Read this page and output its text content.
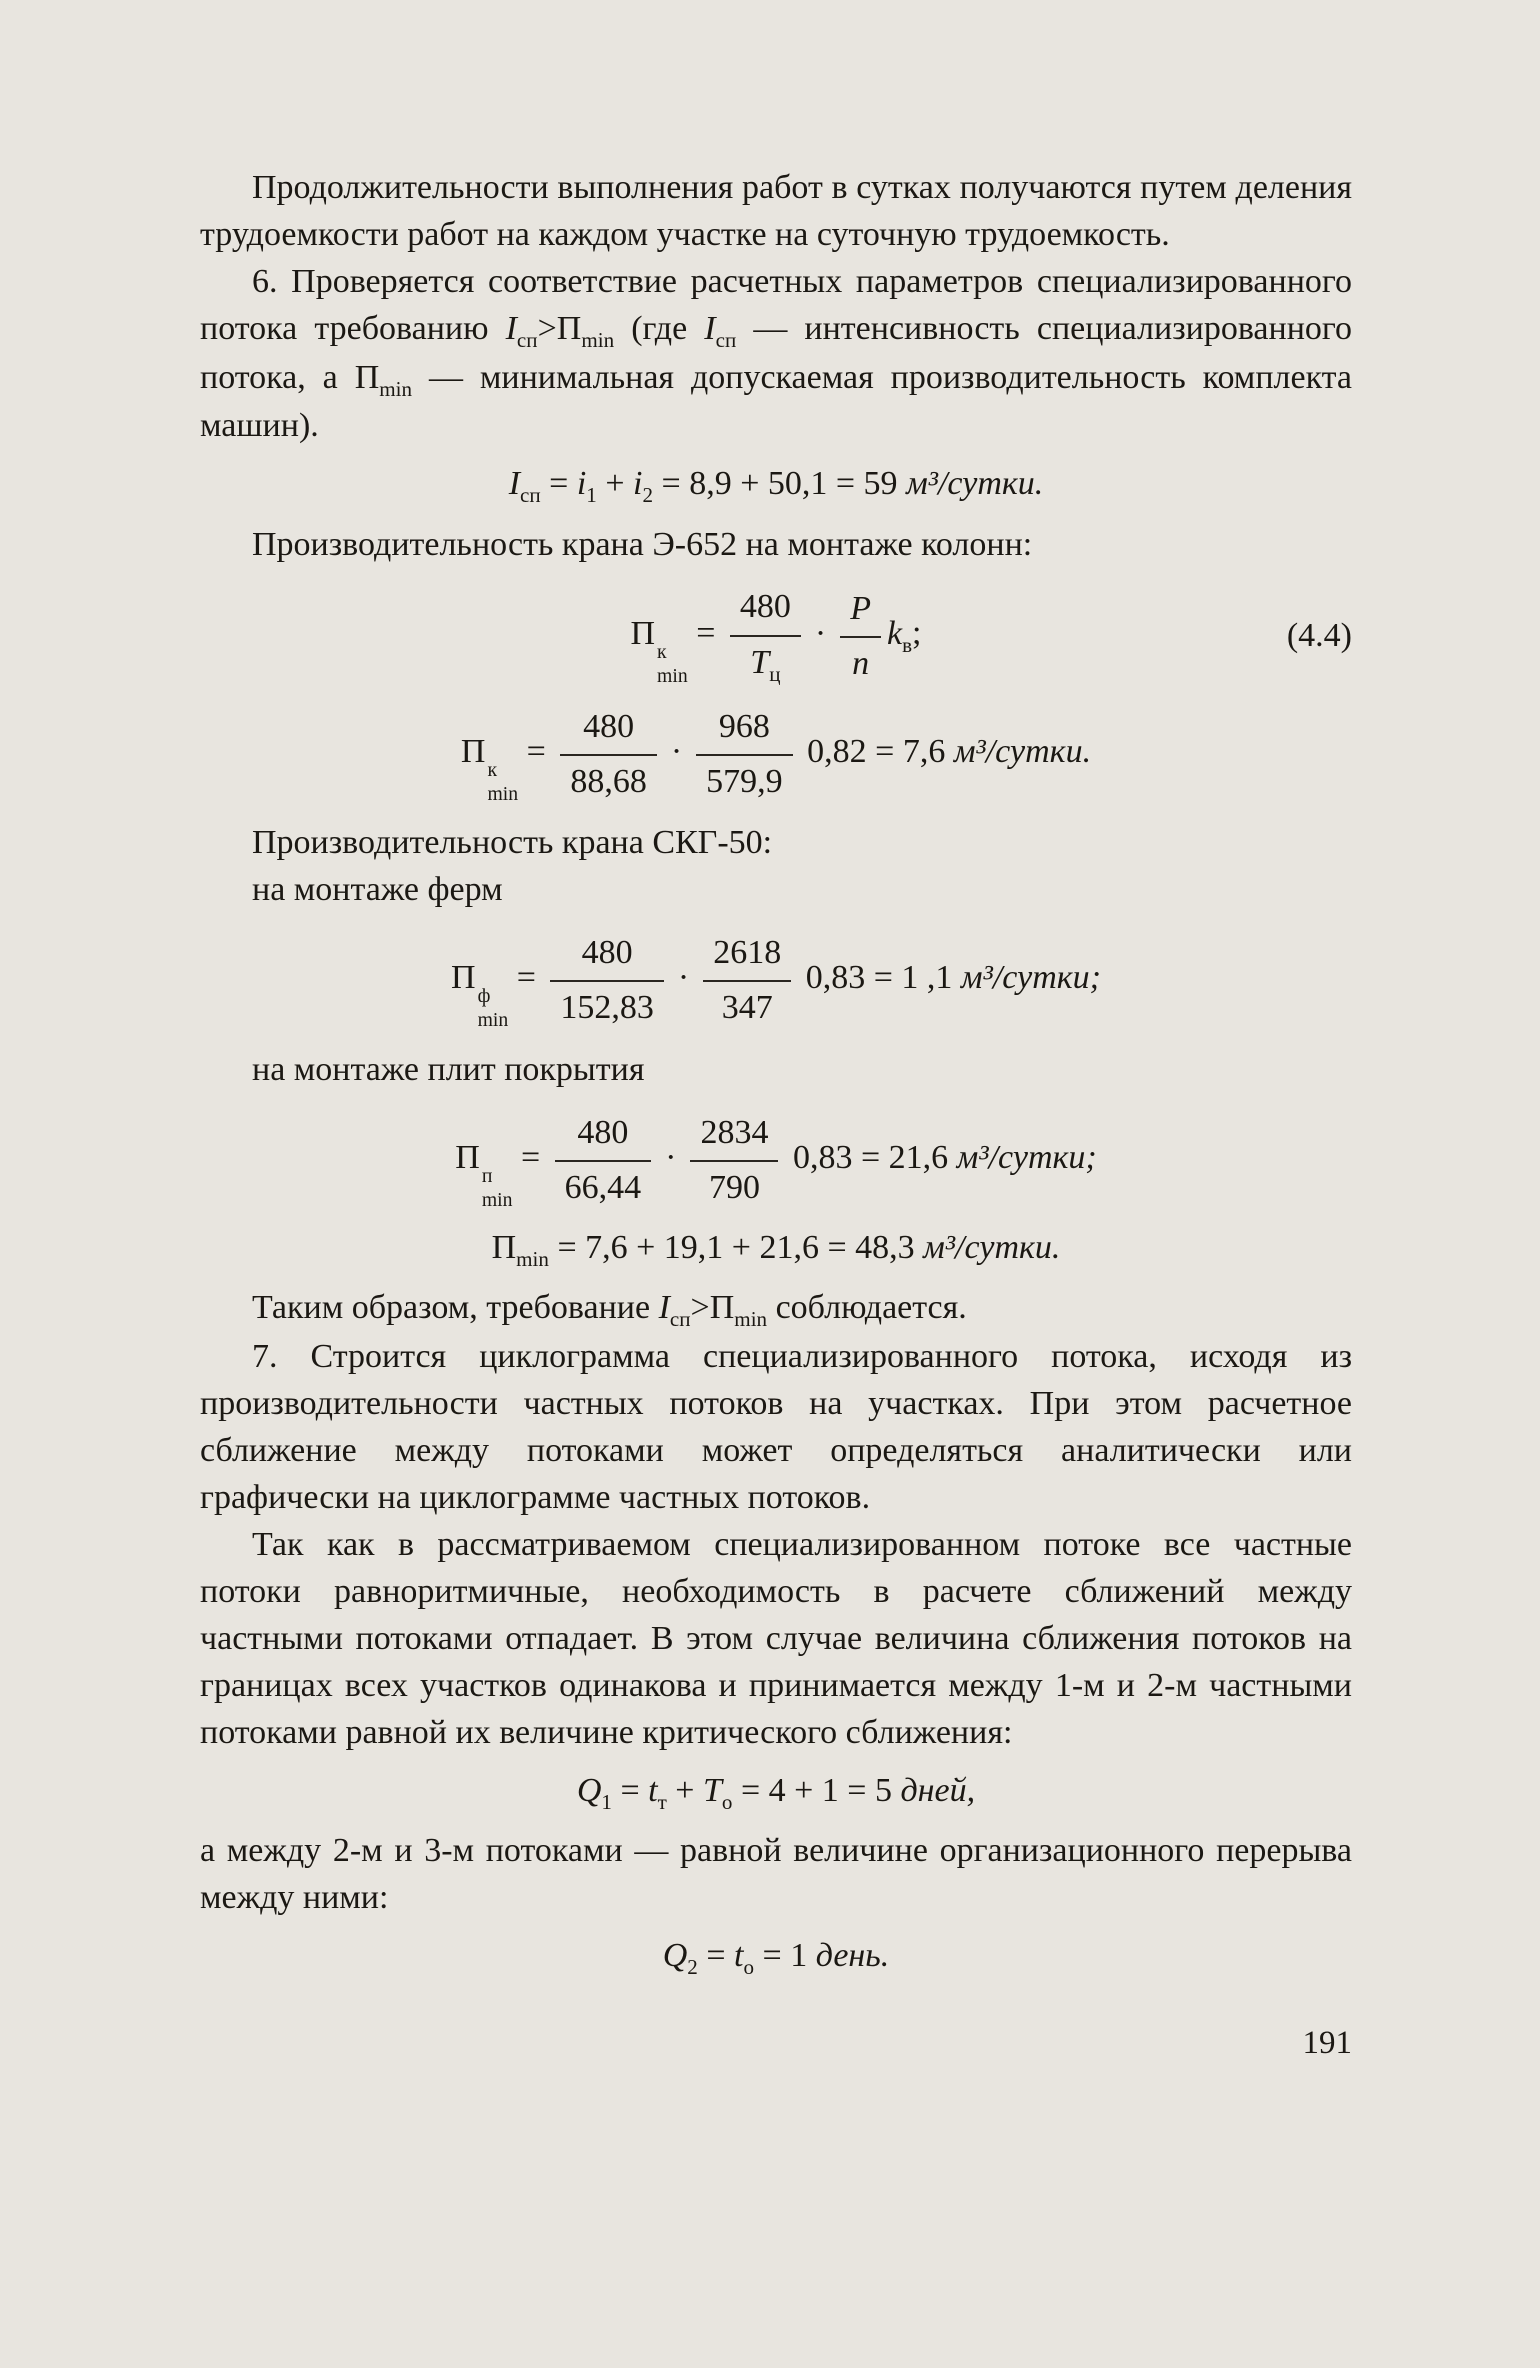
Продолжительности выполнения работ в сутках получаются путем деления трудоемкости работ на каждом участке на суточную трудоемкость.

6. Проверяется соответствие расчетных параметров специализированного потока требованию $I_{сп}>П_{min}$ (где $I_{сп}$ — интенсивность специализированного потока, а $П_{min}$ — минимальная допускаемая производительность комплекта машин).

$I_{сп} = i_1 + i_2 = 8,9 + 50,1 = 59$ м³/сутки.

Производительность крана Э-652 на монтаже колонн:

П
к
min
= $\frac{480}{Т_ц} \cdot \frac{Р}{n} k_в$;	(4.4)
П
к
min
= $\frac{480}{88,68} \cdot \frac{968}{579,9} 0,82 = 7,6$ м³/сутки.

Производительность крана СКГ-50:

на монтаже ферм

П
ф
min
= $\frac{480}{152,83} \cdot \frac{2618}{347} 0,83 = 1$ ,1 м³/сутки;

на монтаже плит покрытия

П
п
min
= $\frac{480}{66,44} \cdot \frac{2834}{790} 0,83 = 21,6$ м³/сутки;
$П_{min} = 7,6 + 19,1 + 21,6 = 48,3$ м³/сутки.

Таким образом, требование $I_{сп}>П_{min}$ соблюдается.

7. Строится циклограмма специализированного потока, исходя из производительности частных потоков на участках. При этом расчетное сближение между потоками может определяться аналитически или графически на циклограмме частных потоков.

Так как в рассматриваемом специализированном потоке все частные потоки равноритмичные, необходимость в расчете сближений между частными потоками отпадает. В этом случае величина сближения потоков на границах всех участков одинакова и принимается между 1-м и 2-м частными потоками равной их величине критического сближения:

$Q_1 = t_т + T_о = 4 + 1 = 5$ дней,

а между 2-м и 3-м потоками — равной величине организационного перерыва между ними:

$Q_2 = t_о = 1$ день.
191
